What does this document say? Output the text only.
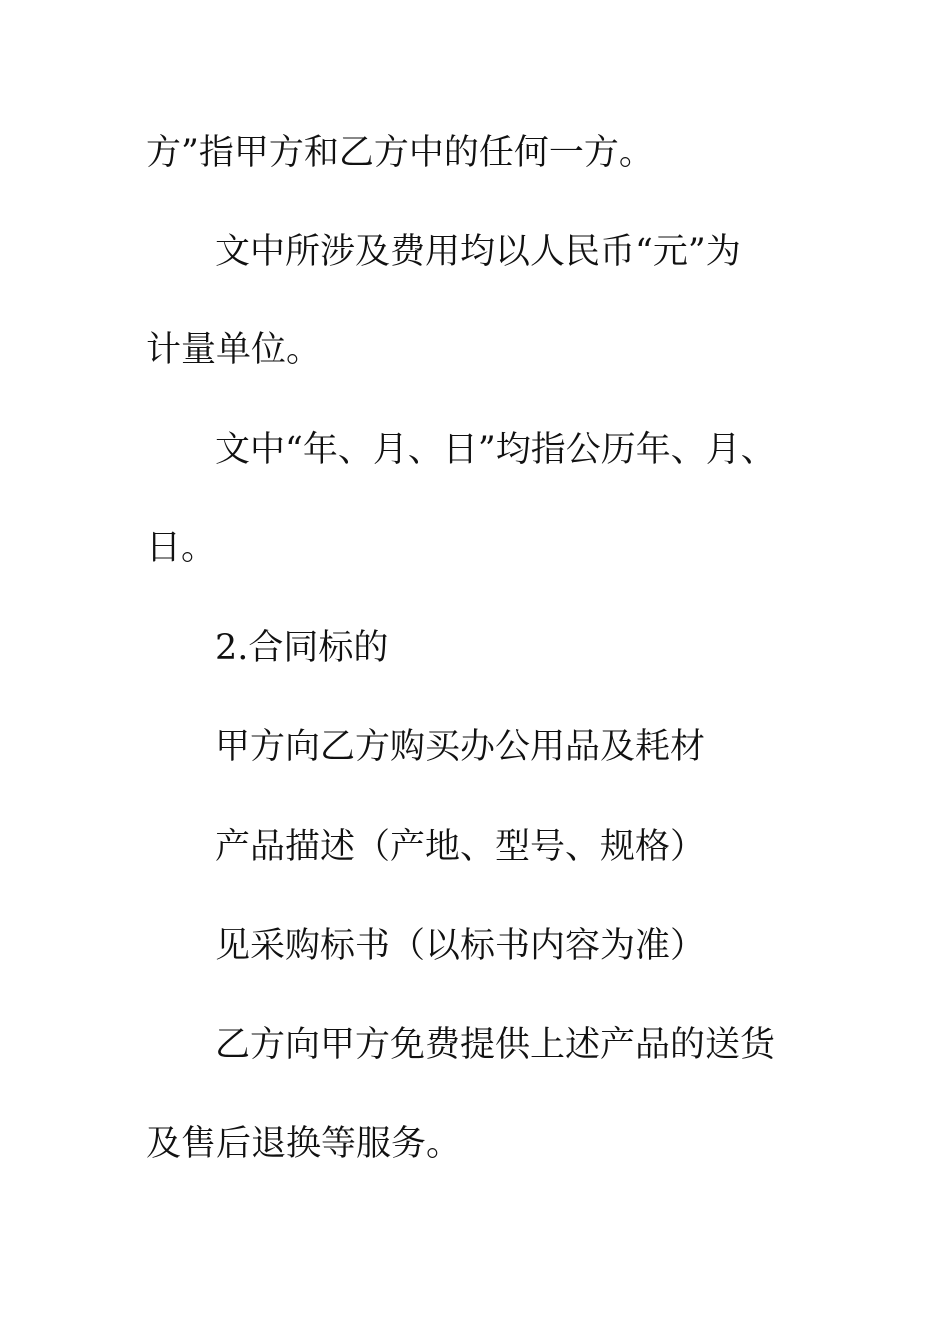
方”指甲方和乙方中的任何一方。

文中所涉及费用均以人民币“元”为

计量单位。

文中“年、月、日”均指公历年、月、

日。

2.合同标的

甲方向乙方购买办公用品及耗材

产品描述（产地、型号、规格）

见采购标书（以标书内容为准）

乙方向甲方免费提供上述产品的送货

及售后退换等服务。
